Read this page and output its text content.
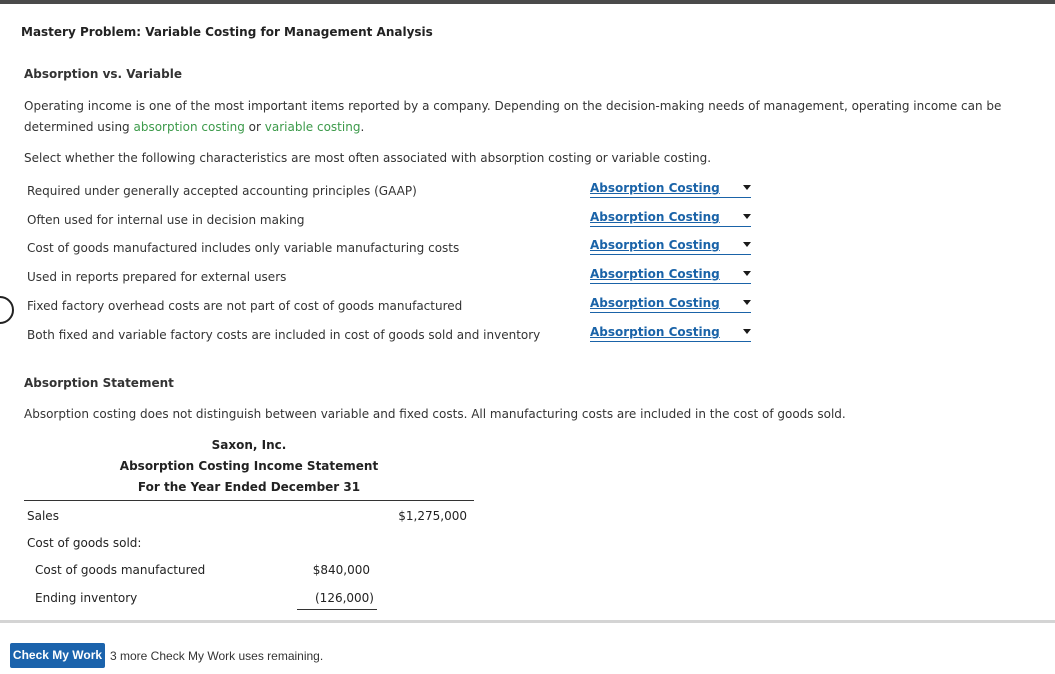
Mastery Problem: Variable Costing for Management Analysis
Absorption vs. Variable
Operating income is one of the most important items reported by a company. Depending on the decision-making needs of management, operating income can be determined using absorption costing or variable costing.
Select whether the following characteristics are most often associated with absorption costing or variable costing.
Required under generally accepted accounting principles (GAAP)	Absorption Costing
Often used for internal use in decision making	Absorption Costing
Cost of goods manufactured includes only variable manufacturing costs	Absorption Costing
Used in reports prepared for external users	Absorption Costing
Fixed factory overhead costs are not part of cost of goods manufactured	Absorption Costing
Both fixed and variable factory costs are included in cost of goods sold and inventory	Absorption Costing
Absorption Statement
Absorption costing does not distinguish between variable and fixed costs. All manufacturing costs are included in the cost of goods sold.
Saxon, Inc.
Absorption Costing Income Statement
For the Year Ended December 31
Sales	$1,275,000
Cost of goods sold:
Cost of goods manufactured	$840,000
Ending inventory	(126,000)
Check My Work 3 more Check My Work uses remaining.
